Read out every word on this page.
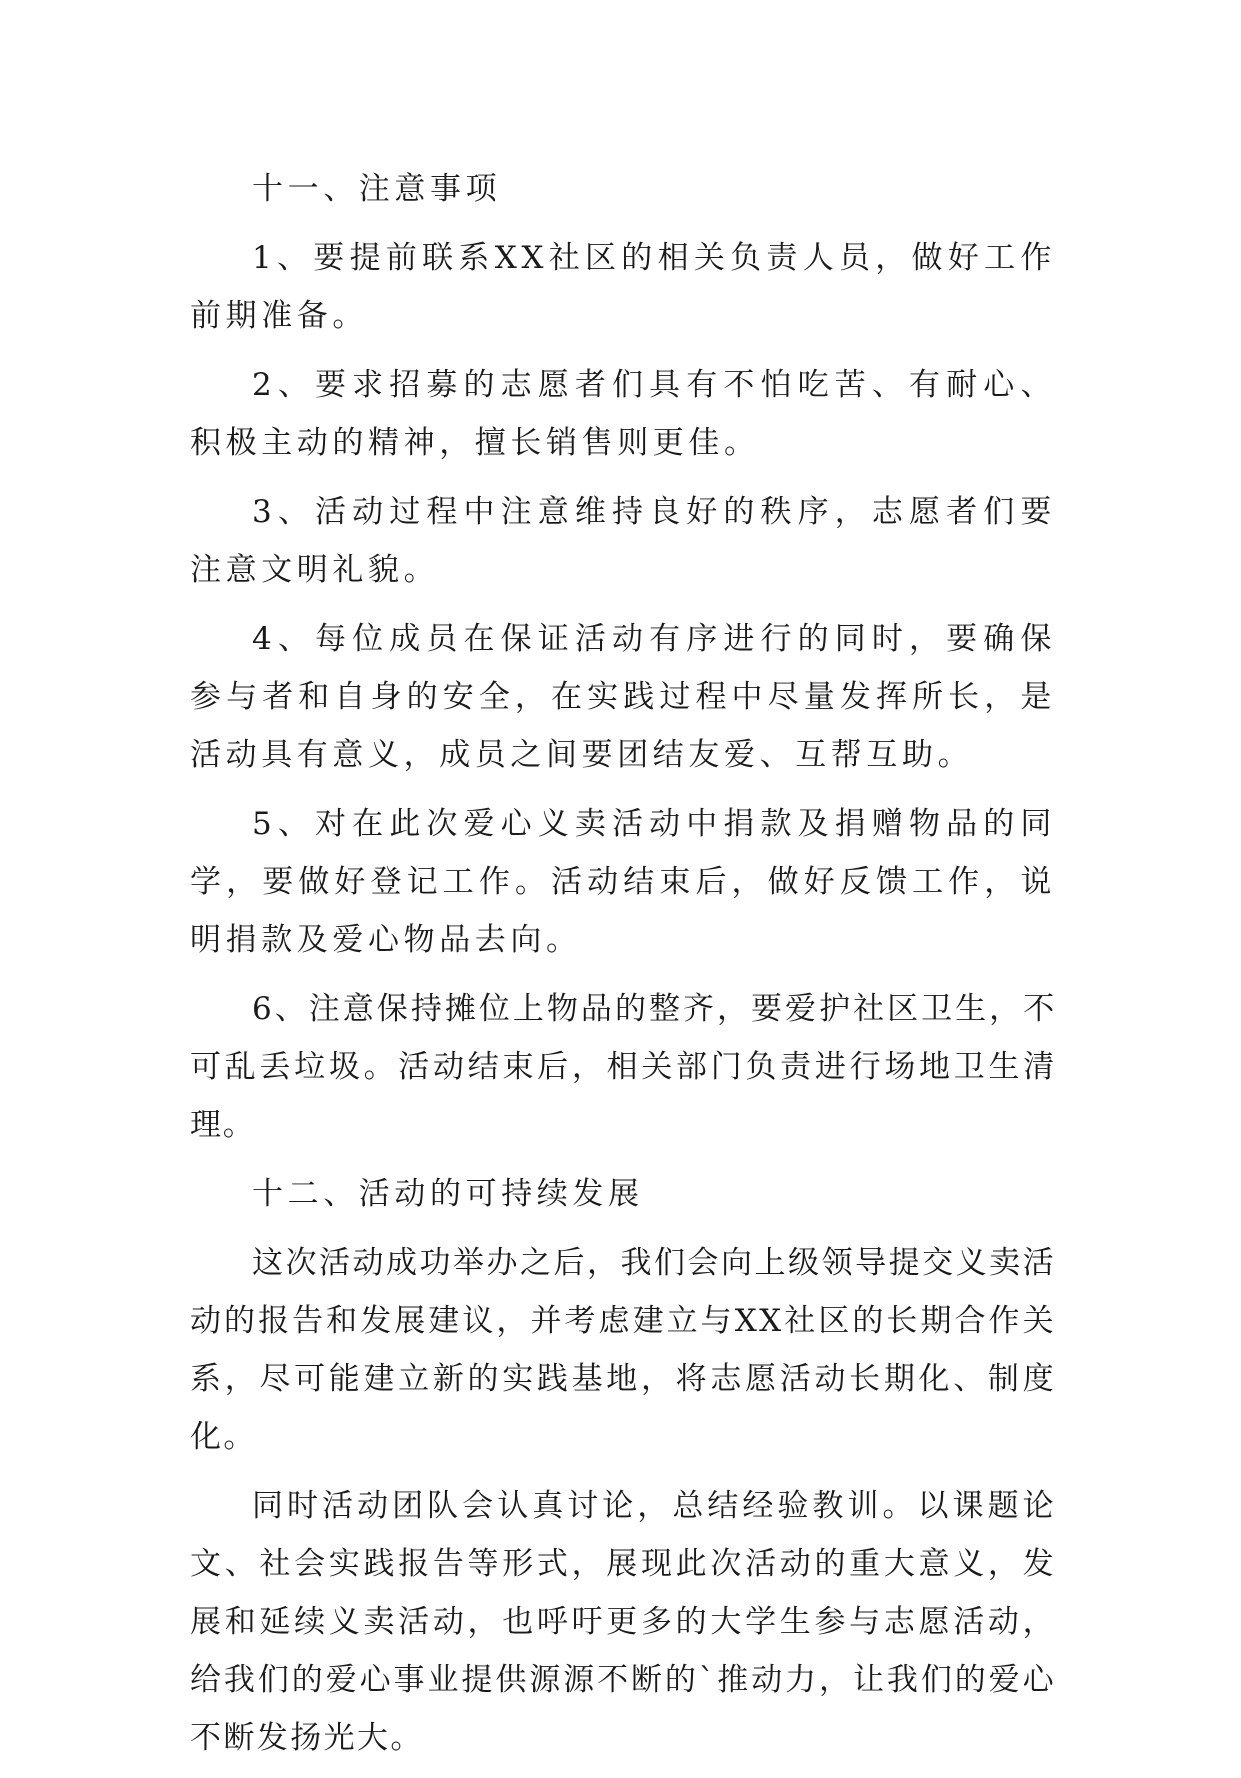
十一、注意事项

1、要提前联系XX社区的相关负责人员，做好工作前期准备。

2、要求招募的志愿者们具有不怕吃苦、有耐心、积极主动的精神，擅长销售则更佳。

3、活动过程中注意维持良好的秩序，志愿者们要注意文明礼貌。

4、每位成员在保证活动有序进行的同时，要确保参与者和自身的安全，在实践过程中尽量发挥所长，是活动具有意义，成员之间要团结友爱、互帮互助。

5、对在此次爱心义卖活动中捐款及捐赠物品的同学，要做好登记工作。活动结束后，做好反馈工作，说明捐款及爱心物品去向。

6、注意保持摊位上物品的整齐，要爱护社区卫生，不可乱丢垃圾。活动结束后，相关部门负责进行场地卫生清理。

十二、活动的可持续发展

这次活动成功举办之后，我们会向上级领导提交义卖活动的报告和发展建议，并考虑建立与XX社区的长期合作关系，尽可能建立新的实践基地，将志愿活动长期化、制度化。

同时活动团队会认真讨论，总结经验教训。以课题论文、社会实践报告等形式，展现此次活动的重大意义，发展和延续义卖活动，也呼吁更多的大学生参与志愿活动，给我们的爱心事业提供源源不断的`推动力，让我们的爱心不断发扬光大。
